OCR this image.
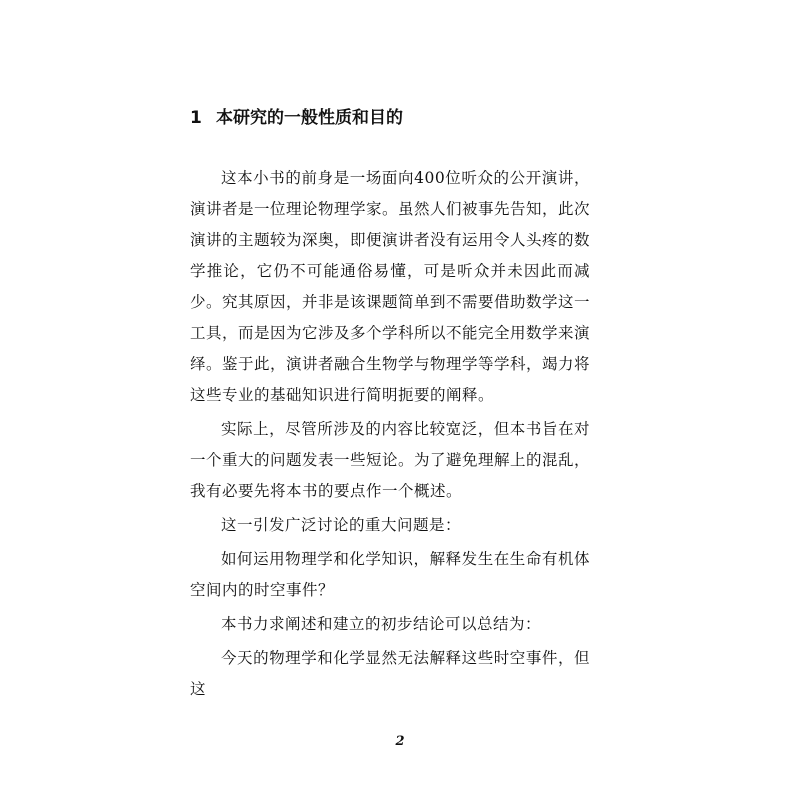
1 本研究的一般性质和目的

这本小书的前身是一场面向400位听众的公开演讲，演讲者是一位理论物理学家。虽然人们被事先告知，此次演讲的主题较为深奥，即便演讲者没有运用令人头疼的数学推论，它仍不可能通俗易懂，可是听众并未因此而减少。究其原因，并非是该课题简单到不需要借助数学这一工具，而是因为它涉及多个学科所以不能完全用数学来演绎。鉴于此，演讲者融合生物学与物理学等学科，竭力将这些专业的基础知识进行简明扼要的阐释。

实际上，尽管所涉及的内容比较宽泛，但本书旨在对一个重大的问题发表一些短论。为了避免理解上的混乱，我有必要先将本书的要点作一个概述。

这一引发广泛讨论的重大问题是：

如何运用物理学和化学知识，解释发生在生命有机体空间内的时空事件？

本书力求阐述和建立的初步结论可以总结为：

今天的物理学和化学显然无法解释这些时空事件，但这

2
